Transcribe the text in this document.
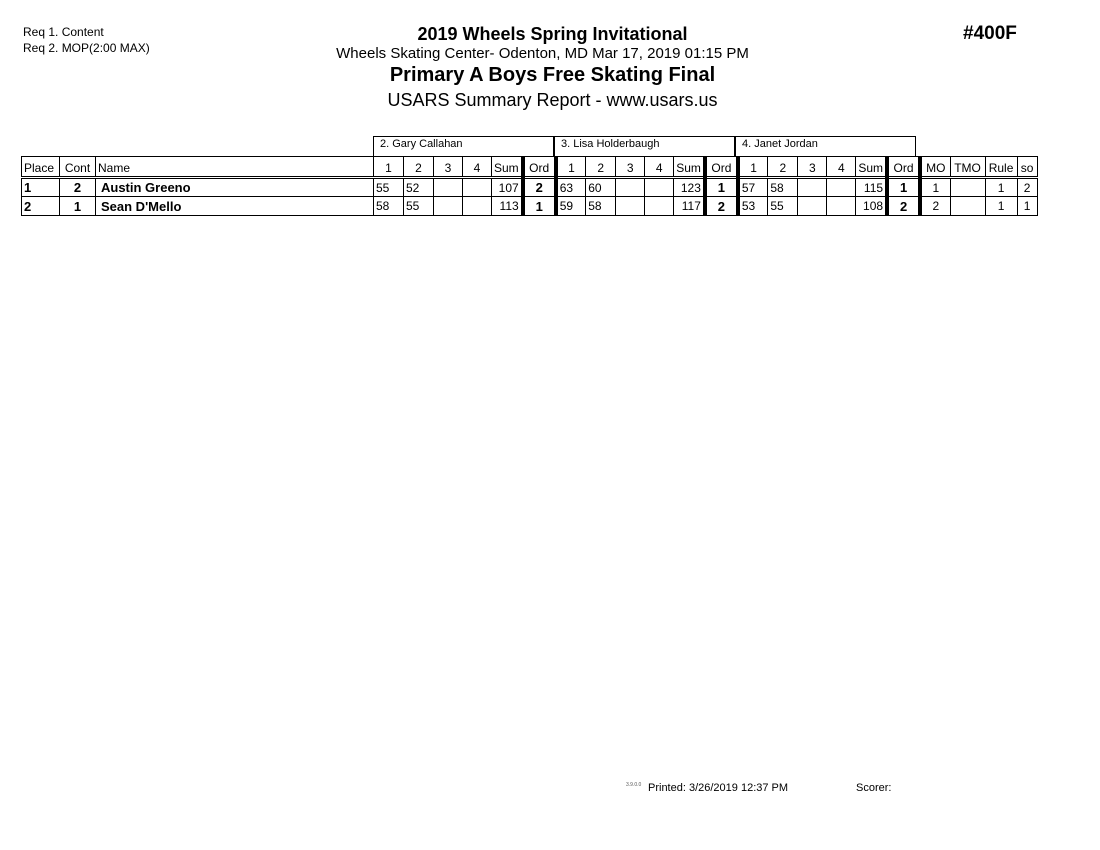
Req 1. Content
Req 2. MOP(2:00 MAX)
2019 Wheels Spring Invitational
Wheels Skating Center- Odenton, MD Mar 17, 2019 01:15 PM
Primary A Boys Free Skating Final
USARS Summary Report - www.usars.us
#400F
2. Gary Callahan	3. Lisa Holderbaugh	4. Janet Jordan
Place	Cont	Name	1	2	3	4	Sum	Ord	1	2	3	4	Sum	Ord	1	2	3	4	Sum	Ord	MO	TMO	Rule	so
1	2	Austin Greeno	55	52			107	2	63	60			123	1	57	58			115	1	1		1	2
2	1	Sean D'Mello	58	55			113	1	59	58			117	2	53	55			108	2	2		1	1
3.9.0.0 Printed: 3/26/2019 12:37 PM	Scorer:
